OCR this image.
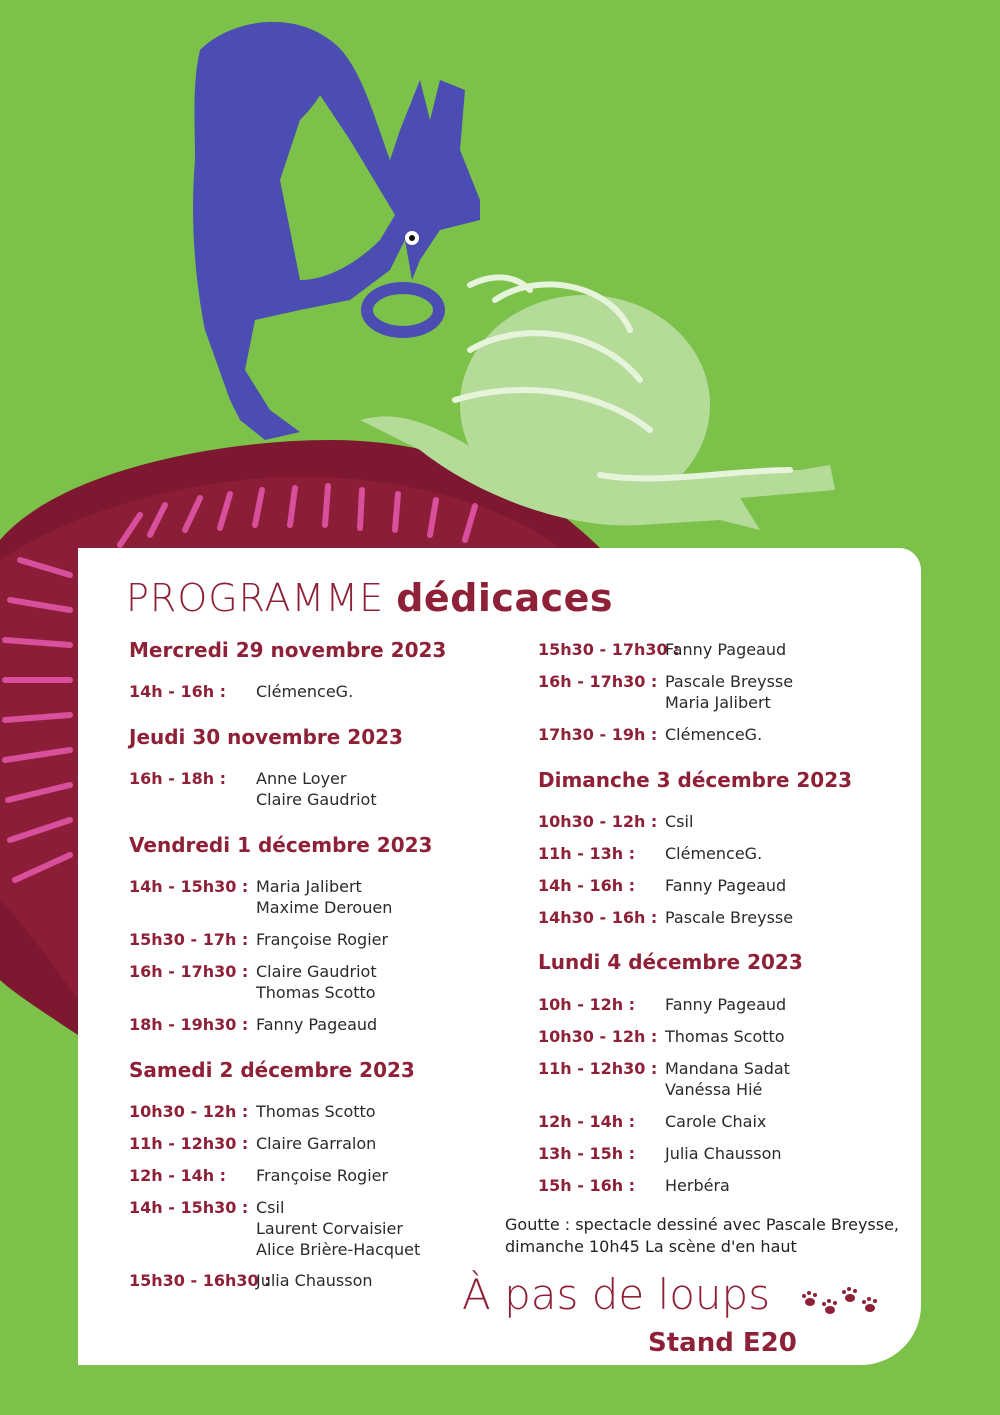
PROGRAMME dédicaces
Mercredi 29 novembre 2023
14h - 16h :	ClémenceG.
Jeudi 30 novembre 2023
16h - 18h :	Anne Loyer
Claire Gaudriot
Vendredi 1 décembre 2023
14h - 15h30 : Maria Jalibert
Maxime Derouen
15h30 - 17h : Françoise Rogier
16h - 17h30 : Claire Gaudriot
Thomas Scotto
18h - 19h30 : Fanny Pageaud
Samedi 2 décembre 2023
10h30 - 12h : Thomas Scotto
11h - 12h30 : Claire Garralon
12h - 14h :	Françoise Rogier
14h - 15h30 : Csil
Laurent Corvaisier
Alice Brière-Hacquet
15h30 - 16h30 :
Julia Chausson
15h30 - 17h30 :
Fanny Pageaud
16h - 17h30 : Pascale Breysse
Maria Jalibert
17h30 - 19h : ClémenceG.
Dimanche 3 décembre 2023
10h30 - 12h : Csil
11h - 13h :	ClémenceG.
14h - 16h :	Fanny Pageaud
14h30 - 16h : Pascale Breysse
Lundi 4 décembre 2023
10h - 12h :	Fanny Pageaud
10h30 - 12h : Thomas Scotto
11h - 12h30 : Mandana Sadat
Vanéssa Hié
12h - 14h :	Carole Chaix
13h - 15h :	Julia Chausson
15h - 16h :	Herbéra
Goutte : spectacle dessiné avec Pascale Breysse, dimanche 10h45 La scène d'en haut
À pas de loups
Stand E20
